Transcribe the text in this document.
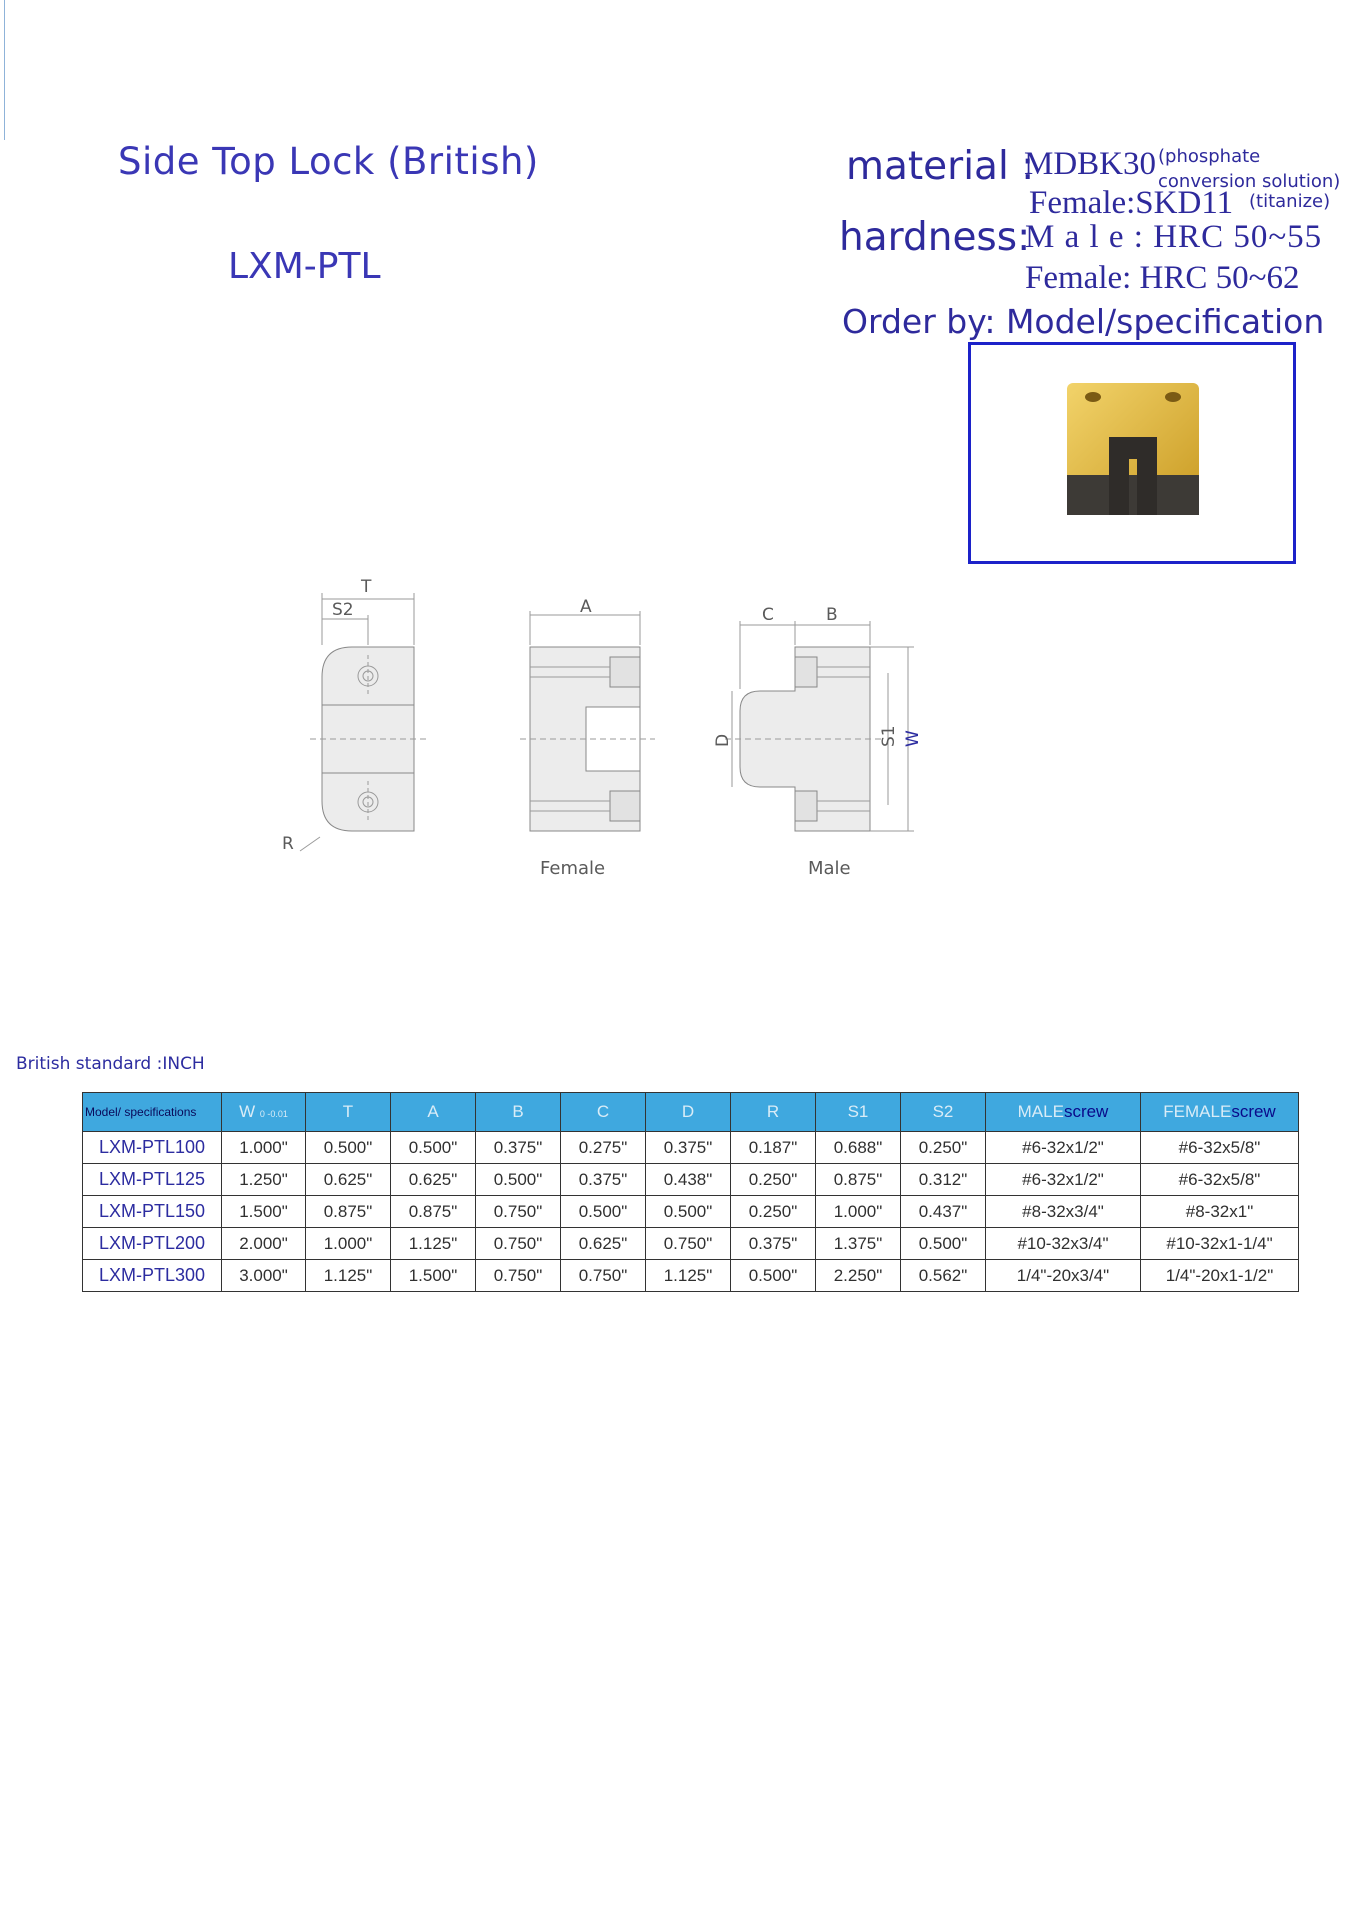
Side Top Lock (British)
LXM-PTL
material :
MDBK30 (phosphate conversion solution)
Female:SKD11 (titanize)
hardness:
M a l e : HRC 50~55
Female: HRC 50~62
Order by: Model/specification
T
S2
R
A	C	B
D	S1 W
Female	Male
British standard :INCH
Model/ specifications	W 0 -0.01	T	A	B	C	D	R	S1	S2	MALEscrew	FEMALEscrew
LXM-PTL100	1.000"	0.500"	0.500"	0.375"	0.275"	0.375"	0.187"	0.688"	0.250"	#6-32x1/2"	#6-32x5/8"
LXM-PTL125	1.250"	0.625"	0.625"	0.500"	0.375"	0.438"	0.250"	0.875"	0.312"	#6-32x1/2"	#6-32x5/8"
LXM-PTL150	1.500"	0.875"	0.875"	0.750"	0.500"	0.500"	0.250"	1.000"	0.437"	#8-32x3/4"	#8-32x1"
LXM-PTL200	2.000"	1.000"	1.125"	0.750"	0.625"	0.750"	0.375"	1.375"	0.500"	#10-32x3/4"	#10-32x1-1/4"
LXM-PTL300	3.000"	1.125"	1.500"	0.750"	0.750"	1.125"	0.500"	2.250"	0.562"	1/4"-20x3/4"	1/4"-20x1-1/2"
